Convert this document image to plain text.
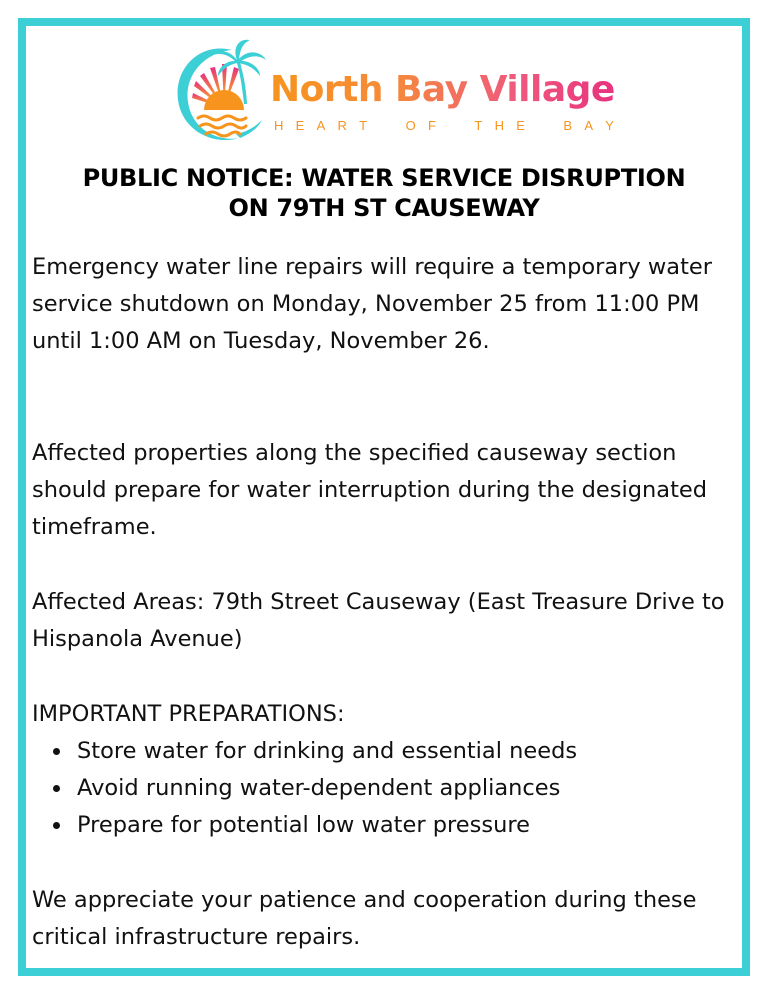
North Bay Village
H E A R T	O F	T H E	B A Y
PUBLIC NOTICE: WATER SERVICE DISRUPTION
ON 79TH ST CAUSEWAY

Emergency water line repairs will require a temporary water service shutdown on Monday, November 25 from 11:00 PM until 1:00 AM on Tuesday, November 26.

Affected properties along the specified causeway section should prepare for water interruption during the designated timeframe.

Affected Areas: 79th Street Causeway (East Treasure Drive to Hispanola Avenue)

IMPORTANT PREPARATIONS:

Store water for drinking and essential needs
Avoid running water-dependent appliances
Prepare for potential low water pressure

We appreciate your patience and cooperation during these critical infrastructure repairs.
